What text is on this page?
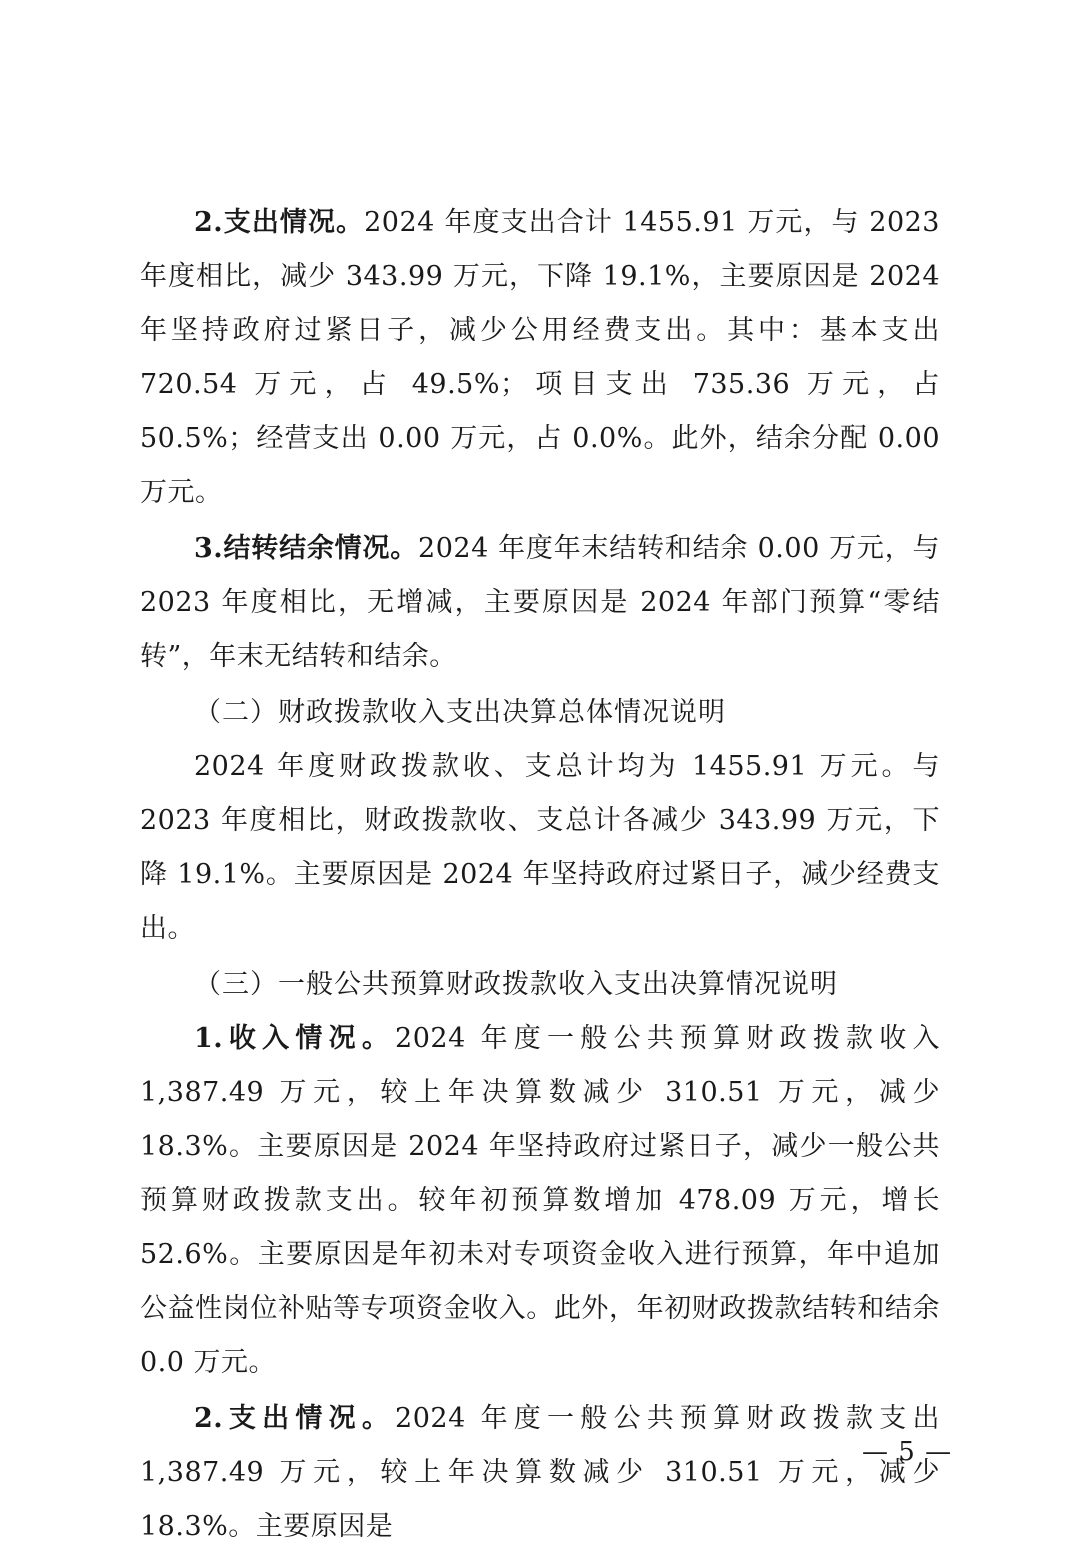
2.支出情况。2024 年度支出合计 1455.91 万元，与 2023 年度相比，减少 343.99 万元，下降 19.1%，主要原因是 2024 年坚持政府过紧日子，减少公用经费支出。其中：基本支出 720.54 万元，占 49.5%；项目支出 735.36 万元，占 50.5%；经营支出 0.00 万元，占 0.0%。此外，结余分配 0.00 万元。

3.结转结余情况。2024 年度年末结转和结余 0.00 万元，与 2023 年度相比，无增减，主要原因是 2024 年部门预算“零结转”，年末无结转和结余。

（二）财政拨款收入支出决算总体情况说明

2024 年度财政拨款收、支总计均为 1455.91 万元。与 2023 年度相比，财政拨款收、支总计各减少 343.99 万元，下降 19.1%。主要原因是 2024 年坚持政府过紧日子，减少经费支出。

（三）一般公共预算财政拨款收入支出决算情况说明

1.收入情况。2024 年度一般公共预算财政拨款收入 1,387.49 万元，较上年决算数减少 310.51 万元，减少 18.3%。主要原因是 2024 年坚持政府过紧日子，减少一般公共预算财政拨款支出。较年初预算数增加 478.09 万元，增长 52.6%。主要原因是年初未对专项资金收入进行预算，年中追加公益性岗位补贴等专项资金收入。此外，年初财政拨款结转和结余 0.0 万元。

2.支出情况。2024 年度一般公共预算财政拨款支出 1,387.49 万元，较上年决算数减少 310.51 万元，减少 18.3%。主要原因是

— 5 —
